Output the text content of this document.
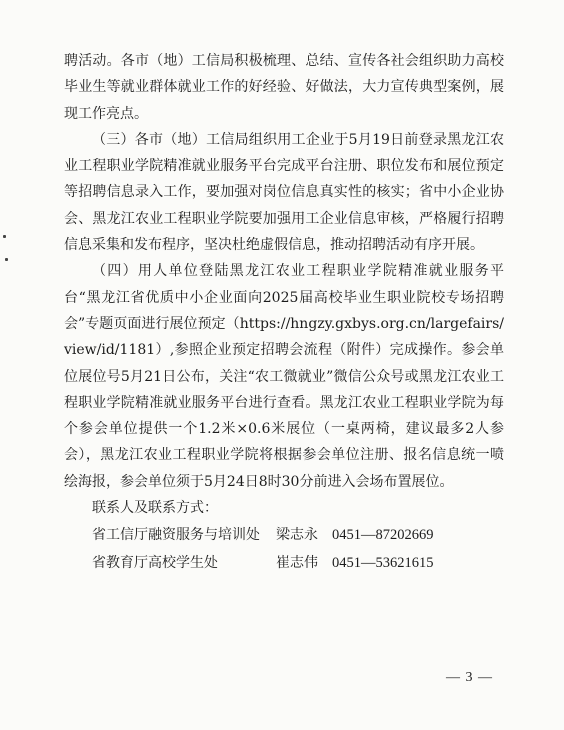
聘活动。各市（地）工信局积极梳理、总结、宣传各社会组织助力高校毕业生等就业群体就业工作的好经验、好做法，大力宣传典型案例，展现工作亮点。

（三）各市（地）工信局组织用工企业于5月19日前登录黑龙江农业工程职业学院精准就业服务平台完成平台注册、职位发布和展位预定等招聘信息录入工作，要加强对岗位信息真实性的核实；省中小企业协会、黑龙江农业工程职业学院要加强用工企业信息审核，严格履行招聘信息采集和发布程序，坚决杜绝虚假信息，推动招聘活动有序开展。

（四）用人单位登陆黑龙江农业工程职业学院精准就业服务平台“黑龙江省优质中小企业面向2025届高校毕业生职业院校专场招聘会”专题页面进行展位预定（https://hngzy.gxbys.org.cn/largefairs/view/id/1181）,参照企业预定招聘会流程（附件）完成操作。参会单位展位号5月21日公布，关注“农工微就业”微信公众号或黑龙江农业工程职业学院精准就业服务平台进行查看。黑龙江农业工程职业学院为每个参会单位提供一个1.2米×0.6米展位（一桌两椅，建议最多2人参会），黑龙江农业工程职业学院将根据参会单位注册、报名信息统一喷绘海报，参会单位须于5月24日8时30分前进入会场布置展位。

联系人及联系方式：

省工信厅融资服务与培训处	梁志永 0451—87202669
省教育厅高校学生处	崔志伟 0451—53621615
— 3 —
